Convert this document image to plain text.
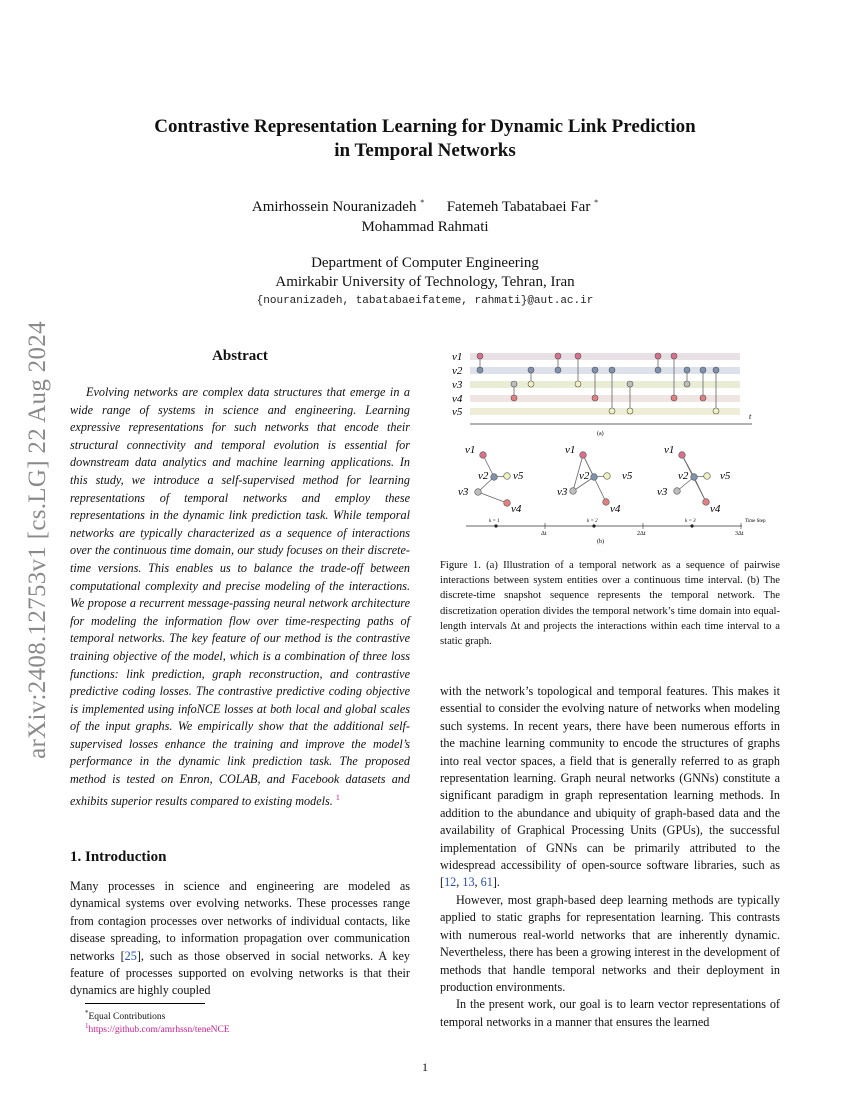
arXiv:2408.12753v1 [cs.LG] 22 Aug 2024
Contrastive Representation Learning for Dynamic Link Prediction
in Temporal Networks
Amirhossein Nouranizadeh * Fatemeh Tabatabaei Far *
Mohammad Rahmati
Department of Computer Engineering
Amirkabir University of Technology, Tehran, Iran
{nouranizadeh, tabatabaeifateme, rahmati}@aut.ac.ir
Abstract

Evolving networks are complex data structures that emerge in a wide range of systems in science and engineering. Learning expressive representations for such networks that encode their structural connectivity and temporal evolution is essential for downstream data analytics and machine learning applications. In this study, we introduce a self-supervised method for learning representations of temporal networks and employ these representations in the dynamic link prediction task. While temporal networks are typically characterized as a sequence of interactions over the continuous time domain, our study focuses on their discrete-time versions. This enables us to balance the trade-off between computational complexity and precise modeling of the interactions. We propose a recurrent message-passing neural network architecture for modeling the information flow over time-respecting paths of temporal networks. The key feature of our method is the contrastive training objective of the model, which is a combination of three loss functions: link prediction, graph reconstruction, and contrastive predictive coding losses. The contrastive predictive coding objective is implemented using infoNCE losses at both local and global scales of the input graphs. We empirically show that the additional self-supervised losses enhance the training and improve the model’s performance in the dynamic link prediction task. The proposed method is tested on Enron, COLAB, and Facebook datasets and exhibits superior results compared to existing models. $^1$

1. Introduction

Many processes in science and engineering are modeled as dynamical systems over evolving networks. These processes range from contagion processes over networks of individual contacts, like disease spreading, to information propagation over communication networks [25], such as those observed in social networks. A key feature of processes supported on evolving networks is that their dynamics are highly coupled

*Equal Contributions
$^1$https://github.com/amrhssn/teneNCE
v1
v2
v3
v4
v5	t
(a)
v1
v2
v3
v4
v5
v1
v2
v3
v4
v5
v1
v2
v3
v4
v5
k = 1	k = 2	k = 3
Δt	2Δt	3Δt
Time Step
(b)

Figure 1. (a) Illustration of a temporal network as a sequence of pairwise interactions between system entities over a continuous time interval. (b) The discrete-time snapshot sequence represents the temporal network. The discretization operation divides the temporal network’s time domain into equal-length intervals Δt and projects the interactions within each time interval to a static graph.

with the network’s topological and temporal features. This makes it essential to consider the evolving nature of networks when modeling such systems. In recent years, there have been numerous efforts in the machine learning community to encode the structures of graphs into real vector spaces, a field that is generally referred to as graph representation learning. Graph neural networks (GNNs) constitute a significant paradigm in graph representation learning methods. In addition to the abundance and ubiquity of graph-based data and the availability of Graphical Processing Units (GPUs), the successful implementation of GNNs can be primarily attributed to the widespread accessibility of open-source software libraries, such as [12, 13, 61].

However, most graph-based deep learning methods are typically applied to static graphs for representation learning. This contrasts with numerous real-world networks that are inherently dynamic. Nevertheless, there has been a growing interest in the development of methods that handle temporal networks and their deployment in production environments.

In the present work, our goal is to learn vector representations of temporal networks in a manner that ensures the learned

1
